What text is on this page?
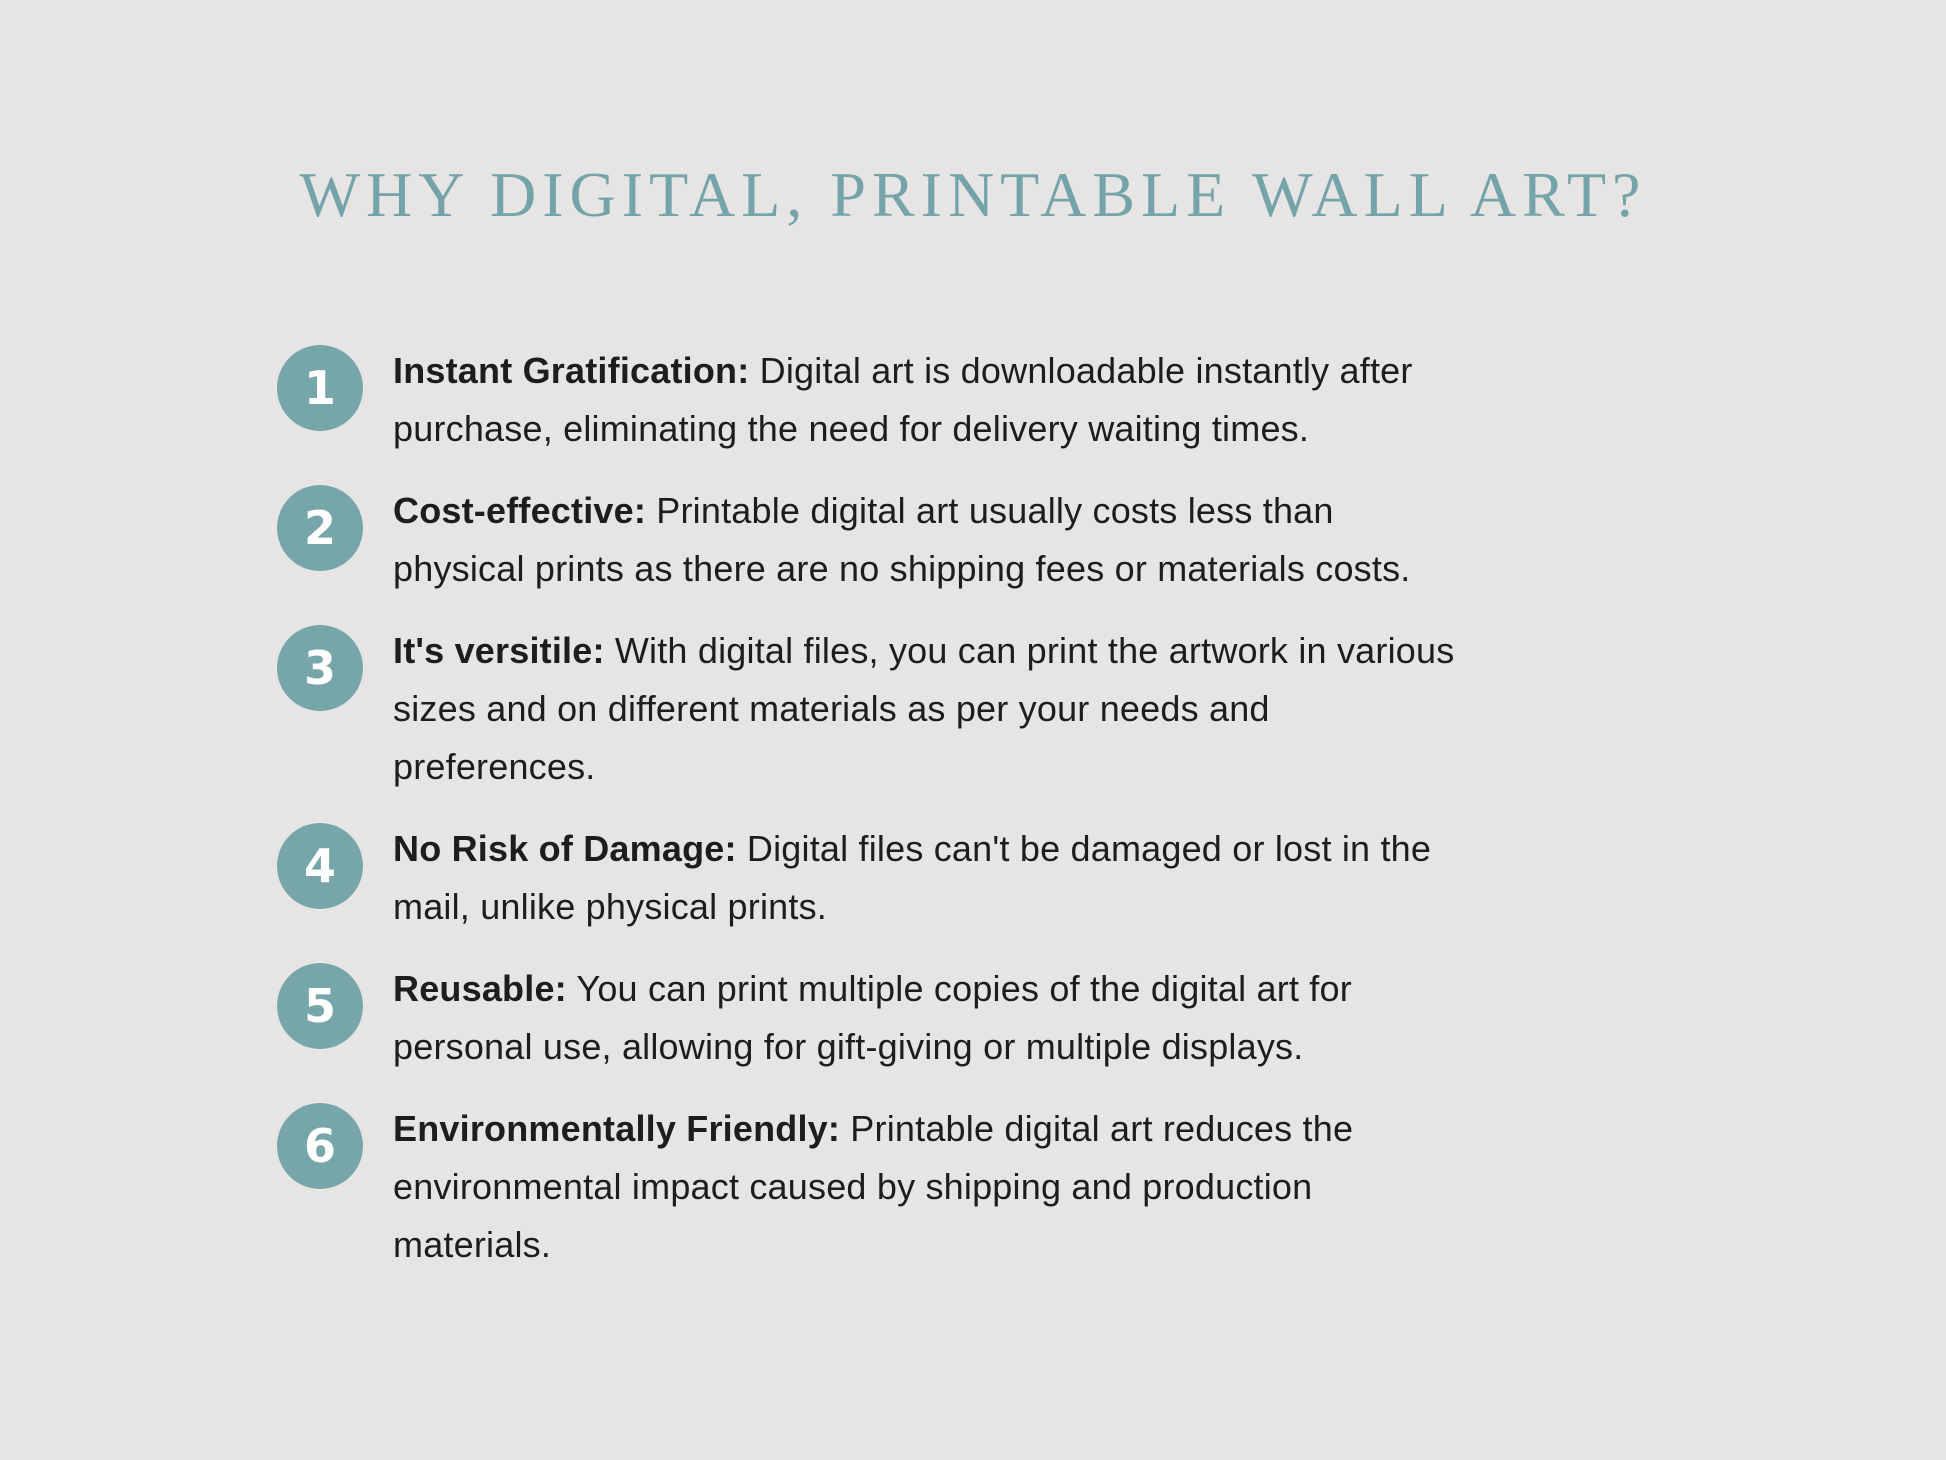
WHY DIGITAL, PRINTABLE WALL ART?
1	Instant Gratification: Digital art is downloadable instantly after
purchase, eliminating the need for delivery waiting times.
2	Cost-effective: Printable digital art usually costs less than
physical prints as there are no shipping fees or materials costs.
3	It's versitile: With digital files, you can print the artwork in various
sizes and on different materials as per your needs and
preferences.
4	No Risk of Damage: Digital files can't be damaged or lost in the
mail, unlike physical prints.
5	Reusable: You can print multiple copies of the digital art for
personal use, allowing for gift-giving or multiple displays.
6	Environmentally Friendly: Printable digital art reduces the
environmental impact caused by shipping and production
materials.
